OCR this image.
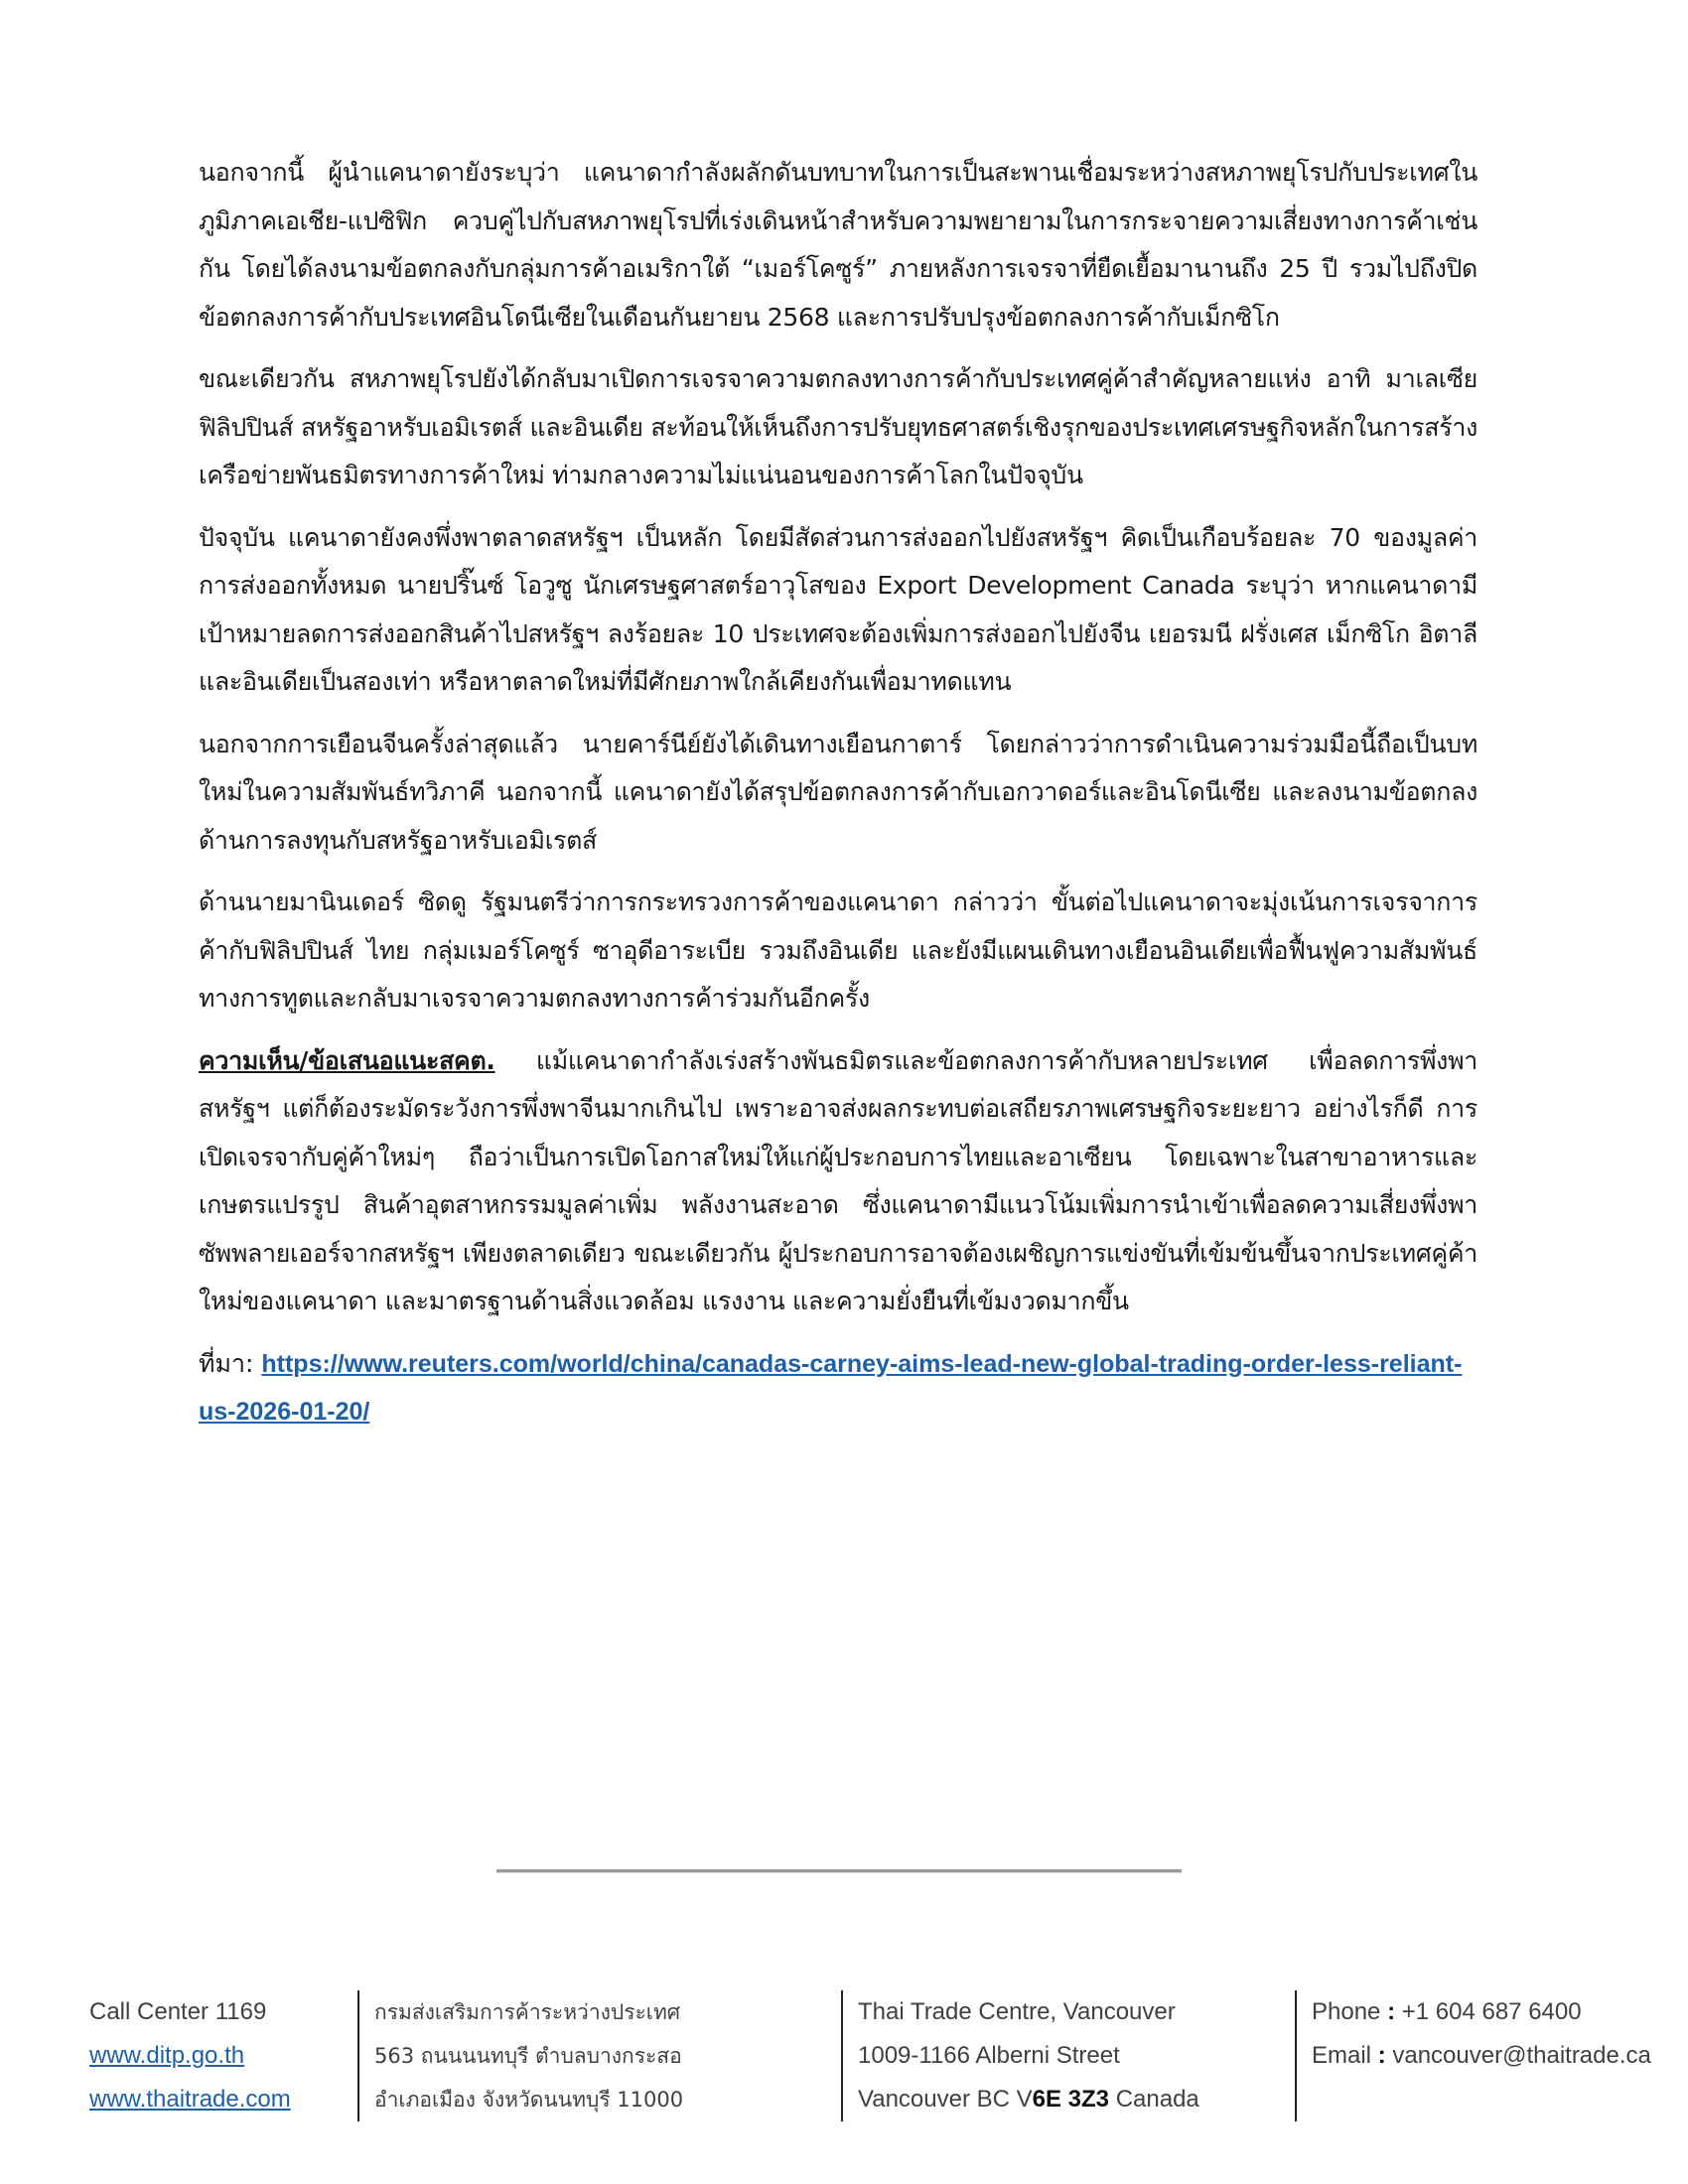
นอกจากนี้ ผู้นำแคนาดายังระบุว่า แคนาดากำลังผลักดันบทบาทในการเป็นสะพานเชื่อมระหว่างสหภาพยุโรปกับประเทศในภูมิภาคเอเชีย-แปซิฟิก ควบคู่ไปกับสหภาพยุโรปที่เร่งเดินหน้าสำหรับความพยายามในการกระจายความเสี่ยงทางการค้าเช่นกัน โดยได้ลงนามข้อตกลงกับกลุ่มการค้าอเมริกาใต้ “เมอร์โคซูร์” ภายหลังการเจรจาที่ยืดเยื้อมานานถึง 25 ปี รวมไปถึงปิดข้อตกลงการค้ากับประเทศอินโดนีเซียในเดือนกันยายน 2568 และการปรับปรุงข้อตกลงการค้ากับเม็กซิโก

ขณะเดียวกัน สหภาพยุโรปยังได้กลับมาเปิดการเจรจาความตกลงทางการค้ากับประเทศคู่ค้าสำคัญหลายแห่ง อาทิ มาเลเซีย ฟิลิปปินส์ สหรัฐอาหรับเอมิเรตส์ และอินเดีย สะท้อนให้เห็นถึงการปรับยุทธศาสตร์เชิงรุกของประเทศเศรษฐกิจหลักในการสร้างเครือข่ายพันธมิตรทางการค้าใหม่ ท่ามกลางความไม่แน่นอนของการค้าโลกในปัจจุบัน

ปัจจุบัน แคนาดายังคงพึ่งพาตลาดสหรัฐฯ เป็นหลัก โดยมีสัดส่วนการส่งออกไปยังสหรัฐฯ คิดเป็นเกือบร้อยละ 70 ของมูลค่าการส่งออกทั้งหมด นายปริ๊นซ์ โอวูซู นักเศรษฐศาสตร์อาวุโสของ Export Development Canada ระบุว่า หากแคนาดามีเป้าหมายลดการส่งออกสินค้าไปสหรัฐฯ ลงร้อยละ 10 ประเทศจะต้องเพิ่มการส่งออกไปยังจีน เยอรมนี ฝรั่งเศส เม็กซิโก อิตาลี และอินเดียเป็นสองเท่า หรือหาตลาดใหม่ที่มีศักยภาพใกล้เคียงกันเพื่อมาทดแทน

นอกจากการเยือนจีนครั้งล่าสุดแล้ว นายคาร์นีย์ยังได้เดินทางเยือนกาตาร์ โดยกล่าวว่าการดำเนินความร่วมมือนี้ถือเป็นบทใหม่ในความสัมพันธ์ทวิภาคี นอกจากนี้ แคนาดายังได้สรุปข้อตกลงการค้ากับเอกวาดอร์และอินโดนีเซีย และลงนามข้อตกลงด้านการลงทุนกับสหรัฐอาหรับเอมิเรตส์

ด้านนายมานินเดอร์ ซิดดู รัฐมนตรีว่าการกระทรวงการค้าของแคนาดา กล่าวว่า ขั้นต่อไปแคนาดาจะมุ่งเน้นการเจรจาการค้ากับฟิลิปปินส์ ไทย กลุ่มเมอร์โคซูร์ ซาอุดีอาระเบีย รวมถึงอินเดีย และยังมีแผนเดินทางเยือนอินเดียเพื่อฟื้นฟูความสัมพันธ์ทางการทูตและกลับมาเจรจาความตกลงทางการค้าร่วมกันอีกครั้ง

ความเห็น/ข้อเสนอแนะสคต. แม้แคนาดากำลังเร่งสร้างพันธมิตรและข้อตกลงการค้ากับหลายประเทศ เพื่อลดการพึ่งพาสหรัฐฯ แต่ก็ต้องระมัดระวังการพึ่งพาจีนมากเกินไป เพราะอาจส่งผลกระทบต่อเสถียรภาพเศรษฐกิจระยะยาว อย่างไรก็ดี การเปิดเจรจากับคู่ค้าใหม่ๆ ถือว่าเป็นการเปิดโอกาสใหม่ให้แก่ผู้ประกอบการไทยและอาเซียน โดยเฉพาะในสาขาอาหารและเกษตรแปรรูป สินค้าอุตสาหกรรมมูลค่าเพิ่ม พลังงานสะอาด ซึ่งแคนาดามีแนวโน้มเพิ่มการนำเข้าเพื่อลดความเสี่ยงพึ่งพาซัพพลายเออร์จากสหรัฐฯ เพียงตลาดเดียว ขณะเดียวกัน ผู้ประกอบการอาจต้องเผชิญการแข่งขันที่เข้มข้นขึ้นจากประเทศคู่ค้าใหม่ของแคนาดา และมาตรฐานด้านสิ่งแวดล้อม แรงงาน และความยั่งยืนที่เข้มงวดมากขึ้น

ที่มา: https://www.reuters.com/world/china/canadas-carney-aims-lead-new-global-trading-order-less-reliant-us-2026-01-20/
Call Center 1169
www.ditp.go.th
www.thaitrade.com
กรมส่งเสริมการค้าระหว่างประเทศ
563 ถนนนนทบุรี ตำบลบางกระสอ
อำเภอเมือง จังหวัดนนทบุรี 11000
Thai Trade Centre, Vancouver
1009-1166 Alberni Street
Vancouver BC V6E 3Z3 Canada
Phone : +1 604 687 6400
Email : vancouver@thaitrade.ca
